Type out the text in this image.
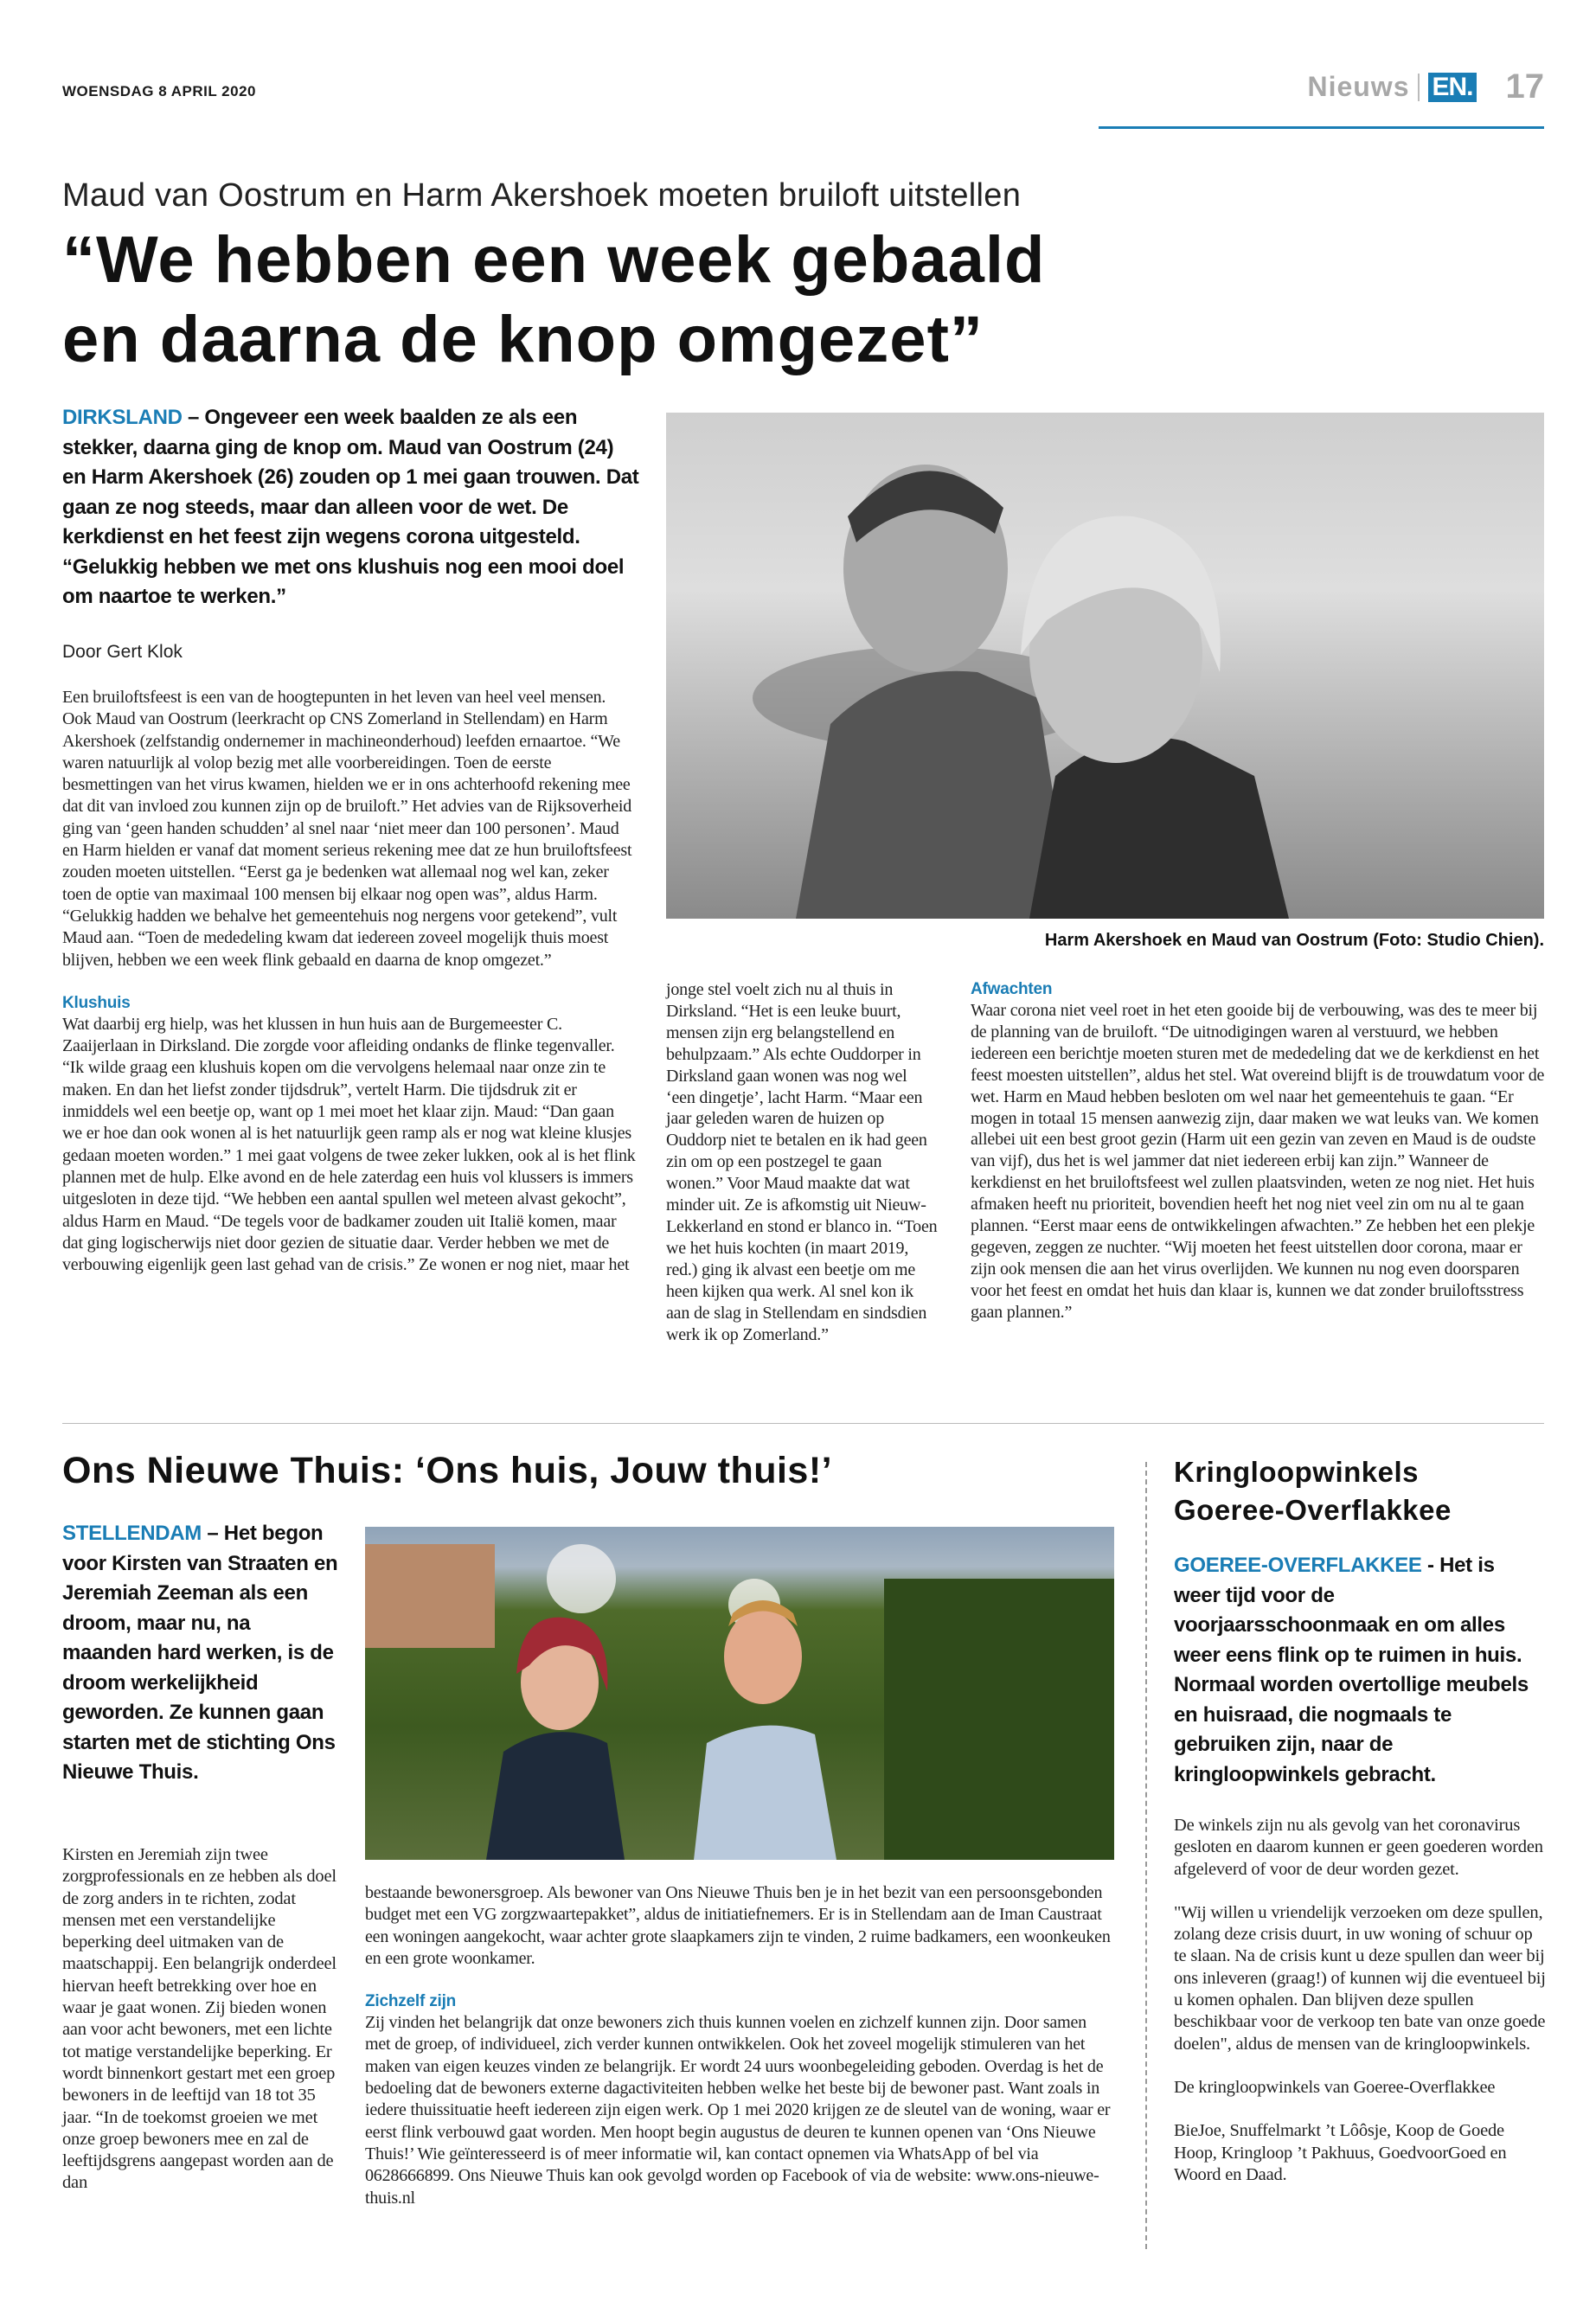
WOENSDAG 8 APRIL 2020	Nieuws EN. 17
Maud van Oostrum en Harm Akershoek moeten bruiloft uitstellen
“We hebben een week gebaald
en daarna de knop omgezet”
DIRKSLAND – Ongeveer een week baalden ze als een stekker, daarna ging de knop om. Maud van Oostrum (24) en Harm Akershoek (26) zouden op 1 mei gaan trouwen. Dat gaan ze nog steeds, maar dan alleen voor de wet. De kerkdienst en het feest zijn wegens corona uitgesteld. “Gelukkig hebben we met ons klushuis nog een mooi doel om naartoe te werken.”
Door Gert Klok

Een bruiloftsfeest is een van de hoogtepunten in het leven van heel veel mensen. Ook Maud van Oostrum (leerkracht op CNS Zomerland in Stellendam) en Harm Akershoek (zelfstandig ondernemer in machineonderhoud) leefden ernaartoe. “We waren natuurlijk al volop bezig met alle voorbereidingen. Toen de eerste besmettingen van het virus kwamen, hielden we er in ons achterhoofd rekening mee dat dit van invloed zou kunnen zijn op de bruiloft.” Het advies van de Rijksoverheid ging van ‘geen handen schudden’ al snel naar ‘niet meer dan 100 personen’. Maud en Harm hielden er vanaf dat moment serieus rekening mee dat ze hun bruiloftsfeest zouden moeten uitstellen. “Eerst ga je bedenken wat allemaal nog wel kan, zeker toen de optie van maximaal 100 mensen bij elkaar nog open was”, aldus Harm. “Gelukkig hadden we behalve het gemeentehuis nog nergens voor getekend”, vult Maud aan. “Toen de mededeling kwam dat iedereen zoveel mogelijk thuis moest blijven, hebben we een week flink gebaald en daarna de knop omgezet.”

Klushuis

Wat daarbij erg hielp, was het klussen in hun huis aan de Burgemeester C. Zaaijerlaan in Dirksland. Die zorgde voor afleiding ondanks de flinke tegenvaller. “Ik wilde graag een klushuis kopen om die vervolgens helemaal naar onze zin te maken. En dan het liefst zonder tijdsdruk”, vertelt Harm. Die tijdsdruk zit er inmiddels wel een beetje op, want op 1 mei moet het klaar zijn. Maud: “Dan gaan we er hoe dan ook wonen al is het natuurlijk geen ramp als er nog wat kleine klusjes gedaan moeten worden.” 1 mei gaat volgens de twee zeker lukken, ook al is het flink plannen met de hulp. Elke avond en de hele zaterdag een huis vol klussers is immers uitgesloten in deze tijd. “We hebben een aantal spullen wel meteen alvast gekocht”, aldus Harm en Maud. “De tegels voor de badkamer zouden uit Italië komen, maar dat ging logischerwijs niet door gezien de situatie daar. Verder hebben we met de verbouwing eigenlijk geen last gehad van de crisis.” Ze wonen er nog niet, maar het

Harm Akershoek en Maud van Oostrum (Foto: Studio Chien).

jonge stel voelt zich nu al thuis in Dirksland. “Het is een leuke buurt, mensen zijn erg belangstellend en behulpzaam.” Als echte Ouddorper in Dirksland gaan wonen was nog wel ‘een dingetje’, lacht Harm. “Maar een jaar geleden waren de huizen op Ouddorp niet te betalen en ik had geen zin om op een postzegel te gaan wonen.” Voor Maud maakte dat wat minder uit. Ze is afkomstig uit Nieuw-Lekkerland en stond er blanco in. “Toen we het huis kochten (in maart 2019, red.) ging ik alvast een beetje om me heen kijken qua werk. Al snel kon ik aan de slag in Stellendam en sindsdien werk ik op Zomerland.”

Afwachten

Waar corona niet veel roet in het eten gooide bij de verbouwing, was des te meer bij de planning van de bruiloft. “De uitnodigingen waren al verstuurd, we hebben iedereen een berichtje moeten sturen met de mededeling dat we de kerkdienst en het feest moesten uitstellen”, aldus het stel. Wat overeind blijft is de trouwdatum voor de wet. Harm en Maud hebben besloten om wel naar het gemeentehuis te gaan. “Er mogen in totaal 15 mensen aanwezig zijn, daar maken we wat leuks van. We komen allebei uit een best groot gezin (Harm uit een gezin van zeven en Maud is de oudste van vijf), dus het is wel jammer dat niet iedereen erbij kan zijn.” Wanneer de kerkdienst en het bruiloftsfeest wel zullen plaatsvinden, weten ze nog niet. Het huis afmaken heeft nu prioriteit, bovendien heeft het nog niet veel zin om nu al te gaan plannen. “Eerst maar eens de ontwikkelingen afwachten.” Ze hebben het een plekje gegeven, zeggen ze nuchter. “Wij moeten het feest uitstellen door corona, maar er zijn ook mensen die aan het virus overlijden. We kunnen nu nog even doorsparen voor het feest en omdat het huis dan klaar is, kunnen we dat zonder bruiloftsstress gaan plannen.”

Ons Nieuwe Thuis: ‘Ons huis, Jouw thuis!’
STELLENDAM – Het begon voor Kirsten van Straaten en Jeremiah Zeeman als een droom, maar nu, na maanden hard werken, is de droom werkelijkheid geworden. Ze kunnen gaan starten met de stichting Ons Nieuwe Thuis.

Kirsten en Jeremiah zijn twee zorgprofessionals en ze hebben als doel de zorg anders in te richten, zodat mensen met een verstandelijke beperking deel uitmaken van de maatschappij. Een belangrijk onderdeel hiervan heeft betrekking over hoe en waar je gaat wonen. Zij bieden wonen aan voor acht bewoners, met een lichte tot matige verstandelijke beperking. Er wordt binnenkort gestart met een groep bewoners in de leeftijd van 18 tot 35 jaar. “In de toekomst groeien we met onze groep bewoners mee en zal de leeftijdsgrens aangepast worden aan de dan

bestaande bewonersgroep. Als bewoner van Ons Nieuwe Thuis ben je in het bezit van een persoonsgebonden budget met een VG zorgzwaartepakket”, aldus de initiatiefnemers. Er is in Stellendam aan de Iman Caustraat een woningen aangekocht, waar achter grote slaapkamers zijn te vinden, 2 ruime badkamers, een woonkeuken en een grote woonkamer.

Zichzelf zijn

Zij vinden het belangrijk dat onze bewoners zich thuis kunnen voelen en zichzelf kunnen zijn. Door samen met de groep, of individueel, zich verder kunnen ontwikkelen. Ook het zoveel mogelijk stimuleren van het maken van eigen keuzes vinden ze belangrijk. Er wordt 24 uurs woonbegeleiding geboden. Overdag is het de bedoeling dat de bewoners externe dagactiviteiten hebben welke het beste bij de bewoner past. Want zoals in iedere thuissituatie heeft iedereen zijn eigen werk. Op 1 mei 2020 krijgen ze de sleutel van de woning, waar er eerst flink verbouwd gaat worden. Men hoopt begin augustus de deuren te kunnen openen van ‘Ons Nieuwe Thuis!’ Wie geïnteresseerd is of meer informatie wil, kan contact opnemen via WhatsApp of bel via 0628666899. Ons Nieuwe Thuis kan ook gevolgd worden op Facebook of via de website: www.ons-nieuwe-thuis.nl

Kringloopwinkels
Goeree-Overflakkee
GOEREE-OVERFLAKKEE - Het is weer tijd voor de voorjaarsschoonmaak en om alles weer eens flink op te ruimen in huis. Normaal worden overtollige meubels en huisraad, die nogmaals te gebruiken zijn, naar de kringloopwinkels gebracht.

De winkels zijn nu als gevolg van het coronavirus gesloten en daarom kunnen er geen goederen worden afgeleverd of voor de deur worden gezet.

"Wij willen u vriendelijk verzoeken om deze spullen, zolang deze crisis duurt, in uw woning of schuur op te slaan. Na de crisis kunt u deze spullen dan weer bij ons inleveren (graag!) of kunnen wij die eventueel bij u komen ophalen. Dan blijven deze spullen beschikbaar voor de verkoop ten bate van onze goede doelen", aldus de mensen van de kringloopwinkels.

De kringloopwinkels van Goeree-Overflakkee

BieJoe, Snuffelmarkt ’t Lôôsje, Koop de Goede Hoop, Kringloop ’t Pakhuus, GoedvoorGoed en Woord en Daad.
